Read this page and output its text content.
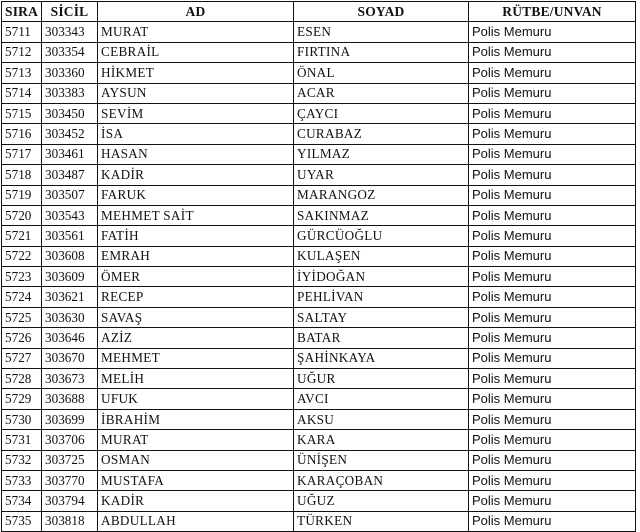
SIRA	SİCİL	AD	SOYAD	RÜTBE/UNVAN
5711	303343	MURAT	ESEN	Polis Memuru
5712	303354	CEBRAİL	FIRTINA	Polis Memuru
5713	303360	HİKMET	ÖNAL	Polis Memuru
5714	303383	AYSUN	ACAR	Polis Memuru
5715	303450	SEVİM	ÇAYCI	Polis Memuru
5716	303452	İSA	CURABAZ	Polis Memuru
5717	303461	HASAN	YILMAZ	Polis Memuru
5718	303487	KADİR	UYAR	Polis Memuru
5719	303507	FARUK	MARANGOZ	Polis Memuru
5720	303543	MEHMET SAİT	SAKINMAZ	Polis Memuru
5721	303561	FATİH	GÜRCÜOĞLU	Polis Memuru
5722	303608	EMRAH	KULAŞEN	Polis Memuru
5723	303609	ÖMER	İYİDOĞAN	Polis Memuru
5724	303621	RECEP	PEHLİVAN	Polis Memuru
5725	303630	SAVAŞ	SALTAY	Polis Memuru
5726	303646	AZİZ	BATAR	Polis Memuru
5727	303670	MEHMET	ŞAHİNKAYA	Polis Memuru
5728	303673	MELİH	UĞUR	Polis Memuru
5729	303688	UFUK	AVCI	Polis Memuru
5730	303699	İBRAHİM	AKSU	Polis Memuru
5731	303706	MURAT	KARA	Polis Memuru
5732	303725	OSMAN	ÜNİŞEN	Polis Memuru
5733	303770	MUSTAFA	KARAÇOBAN	Polis Memuru
5734	303794	KADİR	UĞUZ	Polis Memuru
5735	303818	ABDULLAH	TÜRKEN	Polis Memuru
